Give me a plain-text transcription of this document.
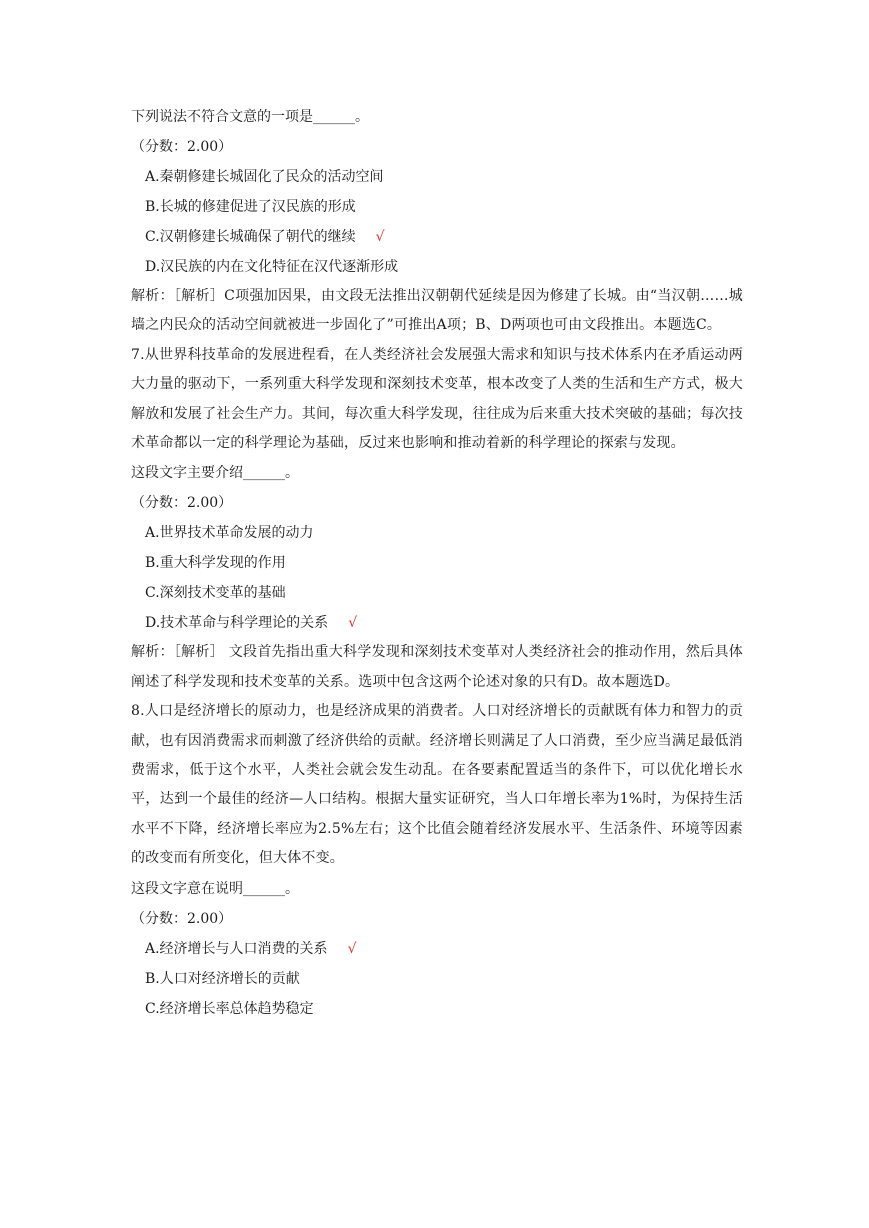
下列说法不符合文意的一项是______。
（分数：2.00）
A.秦朝修建长城固化了民众的活动空间
B.长城的修建促进了汉民族的形成
C.汉朝修建长城确保了朝代的继续 √
D.汉民族的内在文化特征在汉代逐渐形成
解析：［解析］C项强加因果，由文段无法推出汉朝朝代延续是因为修建了长城。由“当汉朝……城墙之内民众的活动空间就被进一步固化了”可推出A项；B、D两项也可由文段推出。本题选C。
7.从世界科技革命的发展进程看，在人类经济社会发展强大需求和知识与技术体系内在矛盾运动两大力量的驱动下，一系列重大科学发现和深刻技术变革，根本改变了人类的生活和生产方式，极大解放和发展了社会生产力。其间，每次重大科学发现，往往成为后来重大技术突破的基础；每次技术革命都以一定的科学理论为基础，反过来也影响和推动着新的科学理论的探索与发现。
这段文字主要介绍______。
（分数：2.00）
A.世界技术革命发展的动力
B.重大科学发现的作用
C.深刻技术变革的基础
D.技术革命与科学理论的关系 √
解析：［解析］ 文段首先指出重大科学发现和深刻技术变革对人类经济社会的推动作用，然后具体阐述了科学发现和技术变革的关系。选项中包含这两个论述对象的只有D。故本题选D。
8.人口是经济增长的原动力，也是经济成果的消费者。人口对经济增长的贡献既有体力和智力的贡献，也有因消费需求而刺激了经济供给的贡献。经济增长则满足了人口消费，至少应当满足最低消费需求，低于这个水平，人类社会就会发生动乱。在各要素配置适当的条件下，可以优化增长水平，达到一个最佳的经济—人口结构。根据大量实证研究，当人口年增长率为1%时，为保持生活水平不下降，经济增长率应为2.5%左右；这个比值会随着经济发展水平、生活条件、环境等因素的改变而有所变化，但大体不变。
这段文字意在说明______。
（分数：2.00）
A.经济增长与人口消费的关系 √
B.人口对经济增长的贡献
C.经济增长率总体趋势稳定
